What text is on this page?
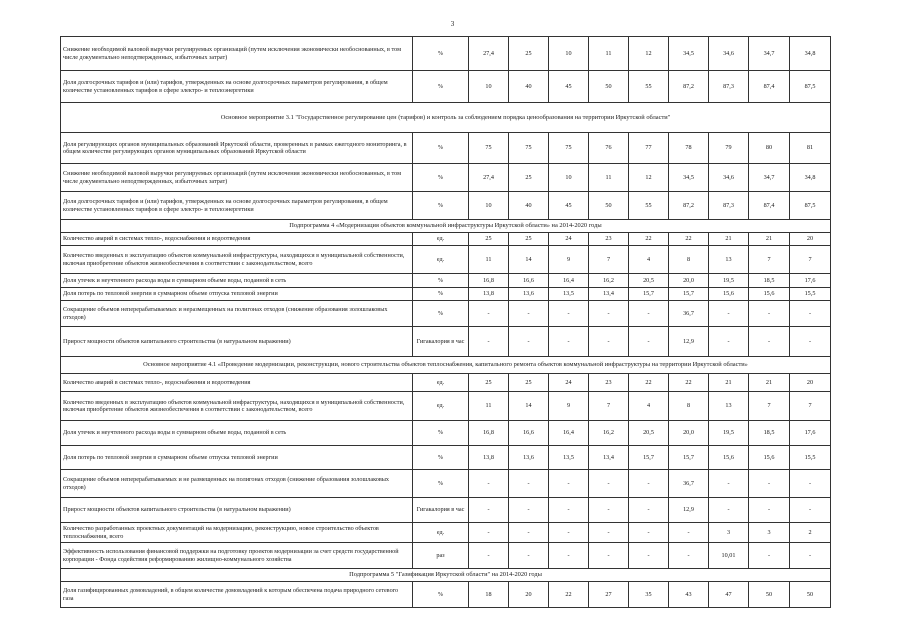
3
Снижение необходимой валовой выручки регулируемых организаций (путем исключения экономически необоснованных, в том числе документально неподтвержденных, избыточных затрат)	%	27,4	25	10	11	12	34,5	34,6	34,7	34,8
Доля долгосрочных тарифов и (или) тарифов, утвержденных на основе долгосрочных параметров регулирования, в общем количестве установленных тарифов в сфере электро- и теплоэнергетики	%	10	40	45	50	55	87,2	87,3	87,4	87,5
Основное мероприятие 3.1 "Государственное регулирование цен (тарифов) и контроль за соблюдением порядка ценообразования на территории Иркутской области"										
Доля регулирующих органов муниципальных образований Иркутской области, проверенных в рамках ежегодного мониторинга, в общем количестве регулирующих органов муниципальных образований Иркутской области	%	75	75	75	76	77	78	79	80	81
Снижение необходимой валовой выручки регулируемых организаций (путем исключения экономически необоснованных, в том числе документально неподтвержденных, избыточных затрат)	%	27,4	25	10	11	12	34,5	34,6	34,7	34,8
Доля долгосрочных тарифов и (или) тарифов, утвержденных на основе долгосрочных параметров регулирования, в общем количестве установленных тарифов в сфере электро- и теплоэнергетики	%	10	40	45	50	55	87,2	87,3	87,4	87,5
Подпрограмма 4 «Модернизация объектов коммунальной инфраструктуры Иркутской области» на 2014-2020 годы										
Количество аварий в системах тепло-, водоснабжения и водоотведения	ед.	25	25	24	23	22	22	21	21	20
Количество введенных в эксплуатацию объектов коммунальной инфраструктуры, находящихся в муниципальной собственности, включая приобретение объектов жизнеобеспечения в соответствии с законодательством, всего	ед.	11	14	9	7	4	8	13	7	7
Доля утечек и неучтенного расхода воды в суммарном объеме воды, поданной в сеть	%	16,8	16,6	16,4	16,2	20,5	20,0	19,5	18,5	17,6
Доля потерь по тепловой энергии в суммарном объеме отпуска тепловой энергии	%	13,8	13,6	13,5	13,4	15,7	15,7	15,6	15,6	15,5
Сокращение объемов неперерабатываемых и неразмещенных на полигонах отходов (снижение образования золошлаковых отходов)	%	-	-	-	-	-	36,7	-	-	-
Прирост мощности объектов капитального строительства (в натуральном выражении)	Гигакалория в час	-	-	-	-	-	12,9	-	-	-
Основное мероприятие 4.1 «Проведение модернизации, реконструкции, нового строительства объектов теплоснабжения, капитального ремонта объектов коммунальной инфраструктуры на территории Иркутской области»										
Количество аварий в системах тепло-, водоснабжения и водоотведения	ед.	25	25	24	23	22	22	21	21	20
Количество введенных в эксплуатацию объектов коммунальной инфраструктуры, находящихся в муниципальной собственности, включая приобретение объектов жизнеобеспечения в соответствии с законодательством, всего	ед.	11	14	9	7	4	8	13	7	7
Доля утечек и неучтенного расхода воды в суммарном объеме воды, поданной в сеть	%	16,8	16,6	16,4	16,2	20,5	20,0	19,5	18,5	17,6
Доля потерь по тепловой энергии в суммарном объеме отпуска тепловой энергии	%	13,8	13,6	13,5	13,4	15,7	15,7	15,6	15,6	15,5
Сокращение объемов неперерабатываемых и не размещенных на полигонах отходов (снижение образования золошлаковых отходов)	%	-	-	-	-	-	36,7	-	-	-
Прирост мощности объектов капитального строительства (в натуральном выражении)	Гигакалория в час	-	-	-	-	-	12,9	-	-	-
Количество разработанных проектных документаций на модернизацию, реконструкцию, новое строительство объектов теплоснабжения, всего	ед.	-	-	-	-	-	-	3	3	2
Эффективность использования финансовой поддержки на подготовку проектов модернизации за счет средств государственной корпорации - Фонда содействия реформированию жилищно-коммунального хозяйства	раз	-	-	-	-	-	-	10,01	-	-
Подпрограмма 5 "Газификация Иркутской области" на 2014-2020 годы										
Доля газифицированных домовладений, в общем количестве домовладений к которым обеспечена подача природного сетевого газа	%	18	20	22	27	35	43	47	50	50
